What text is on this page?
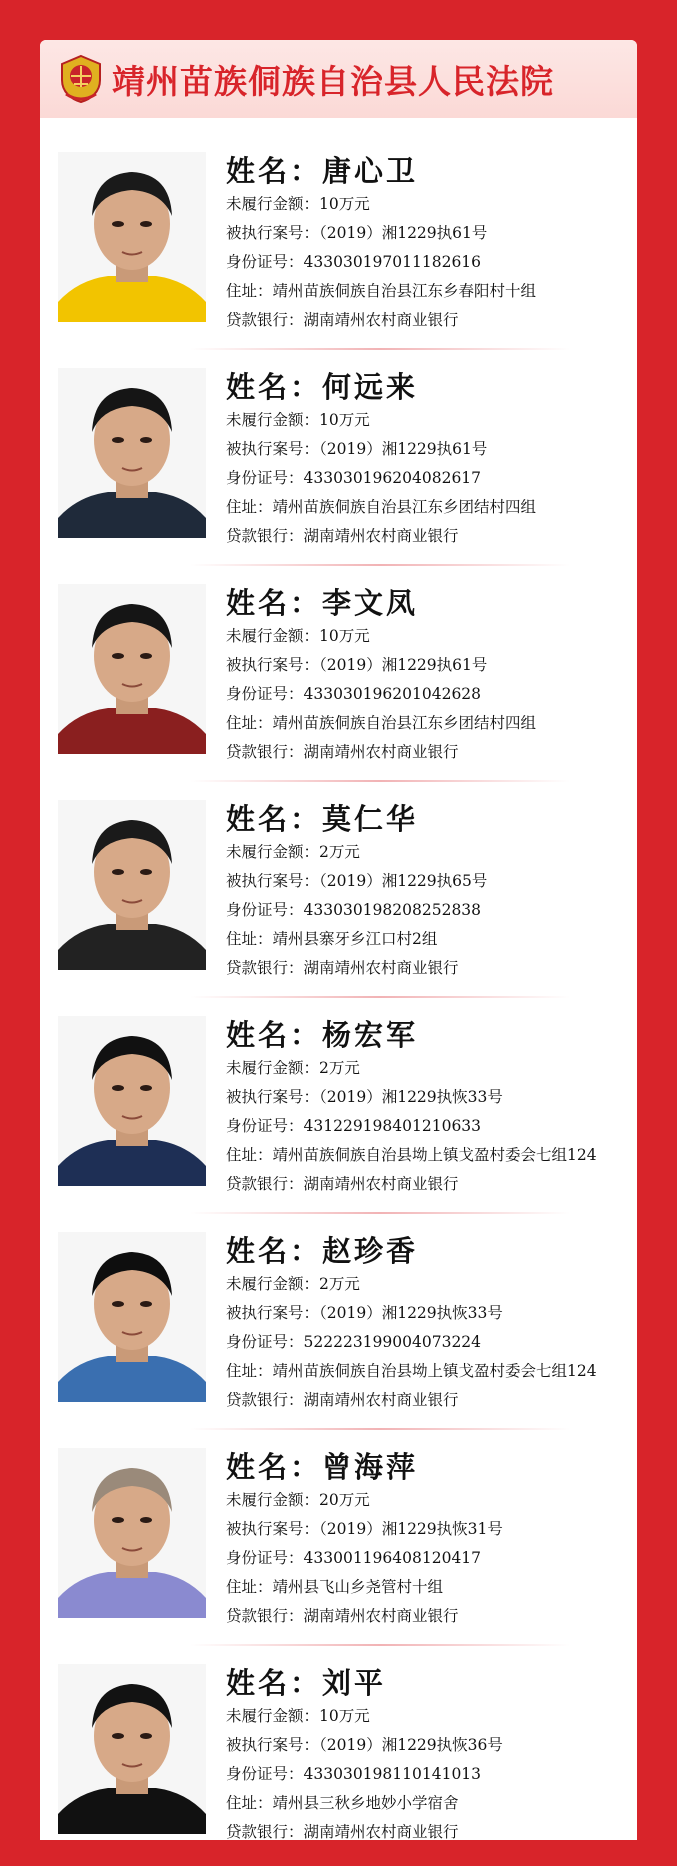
靖州苗族侗族自治县人民法院
姓名：唐心卫
未履行金额：10万元
被执行案号：（2019）湘1229执61号
身份证号：433030197011182616
住址：靖州苗族侗族自治县江东乡春阳村十组
贷款银行：湖南靖州农村商业银行
姓名：何远来
未履行金额：10万元
被执行案号：（2019）湘1229执61号
身份证号：433030196204082617
住址：靖州苗族侗族自治县江东乡团结村四组
贷款银行：湖南靖州农村商业银行
姓名：李文凤
未履行金额：10万元
被执行案号：（2019）湘1229执61号
身份证号：433030196201042628
住址：靖州苗族侗族自治县江东乡团结村四组
贷款银行：湖南靖州农村商业银行
姓名：莫仁华
未履行金额：2万元
被执行案号：（2019）湘1229执65号
身份证号：433030198208252838
住址：靖州县寨牙乡江口村2组
贷款银行：湖南靖州农村商业银行
姓名：杨宏军
未履行金额：2万元
被执行案号：（2019）湘1229执恢33号
身份证号：431229198401210633
住址：靖州苗族侗族自治县坳上镇戈盈村委会七组124
贷款银行：湖南靖州农村商业银行
姓名：赵珍香
未履行金额：2万元
被执行案号：（2019）湘1229执恢33号
身份证号：522223199004073224
住址：靖州苗族侗族自治县坳上镇戈盈村委会七组124
贷款银行：湖南靖州农村商业银行
姓名：曾海萍
未履行金额：20万元
被执行案号：（2019）湘1229执恢31号
身份证号：433001196408120417
住址：靖州县飞山乡尧管村十组
贷款银行：湖南靖州农村商业银行
姓名：刘平
未履行金额：10万元
被执行案号：（2019）湘1229执恢36号
身份证号：433030198110141013
住址：靖州县三秋乡地妙小学宿舍
贷款银行：湖南靖州农村商业银行
